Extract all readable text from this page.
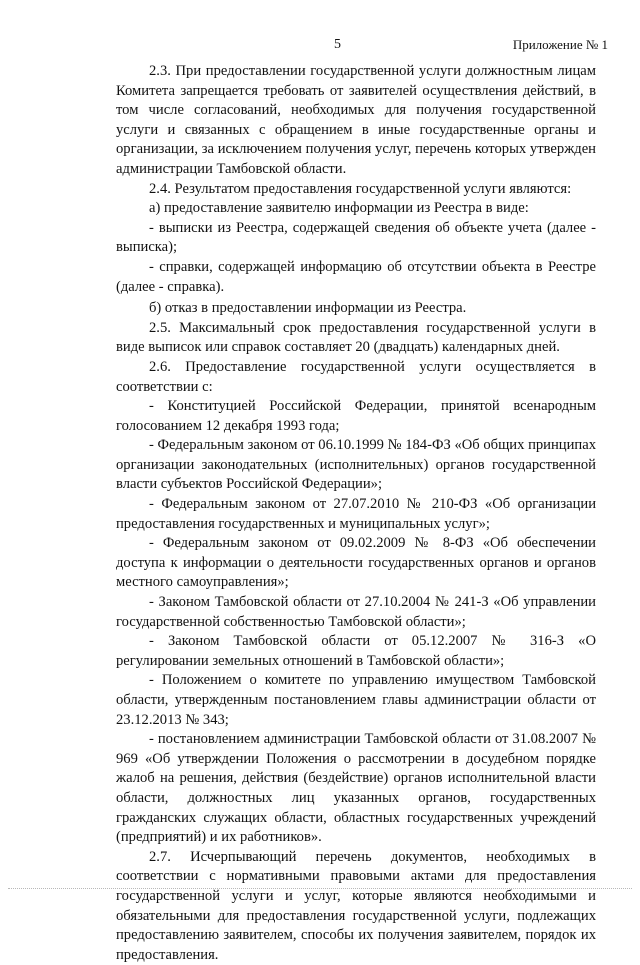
5	Приложение № 1

2.3. При предоставлении государственной услуги должностным лицам Комитета запрещается требовать от заявителей осуществления действий, в том числе согласований, необходимых для получения государственной услуги и связанных с обращением в иные государственные органы и организации, за исключением получения услуг, перечень которых утвержден администрации Тамбовской области.

2.4. Результатом предоставления государственной услуги являются:

а) предоставление заявителю информации из Реестра в виде:

- выписки из Реестра, содержащей сведения об объекте учета (далее - выписка);

- справки, содержащей информацию об отсутствии объекта в Реестре (далее - справка).

б) отказ в предоставлении информации из Реестра.

2.5. Максимальный срок предоставления государственной услуги в виде выписок или справок составляет 20 (двадцать) календарных дней.

2.6. Предоставление государственной услуги осуществляется в соответствии с:

- Конституцией Российской Федерации, принятой всенародным голосованием 12 декабря 1993 года;

- Федеральным законом от 06.10.1999 № 184-ФЗ «Об общих принципах организации законодательных (исполнительных) органов государственной власти субъектов Российской Федерации»;

- Федеральным законом от 27.07.2010 № 210-ФЗ «Об организации предоставления государственных и муниципальных услуг»;

- Федеральным законом от 09.02.2009 № 8-ФЗ «Об обеспечении доступа к информации о деятельности государственных органов и органов местного самоуправления»;

- Законом Тамбовской области от 27.10.2004 № 241-З «Об управлении государственной собственностью Тамбовской области»;

- Законом Тамбовской области от 05.12.2007 № 316-З «О регулировании земельных отношений в Тамбовской области»;

- Положением о комитете по управлению имуществом Тамбовской области, утвержденным постановлением главы администрации области от 23.12.2013 № 343;

- постановлением администрации Тамбовской области от 31.08.2007 № 969 «Об утверждении Положения о рассмотрении в досудебном порядке жалоб на решения, действия (бездействие) органов исполнительной власти области, должностных лиц указанных органов, государственных гражданских служащих области, областных государственных учреждений (предприятий) и их работников».

2.7. Исчерпывающий перечень документов, необходимых в соответствии с нормативными правовыми актами для предоставления государственной услуги и услуг, которые являются необходимыми и обязательными для предоставления государственной услуги, подлежащих предоставлению заявителем, способы их получения заявителем, порядок их предоставления.
